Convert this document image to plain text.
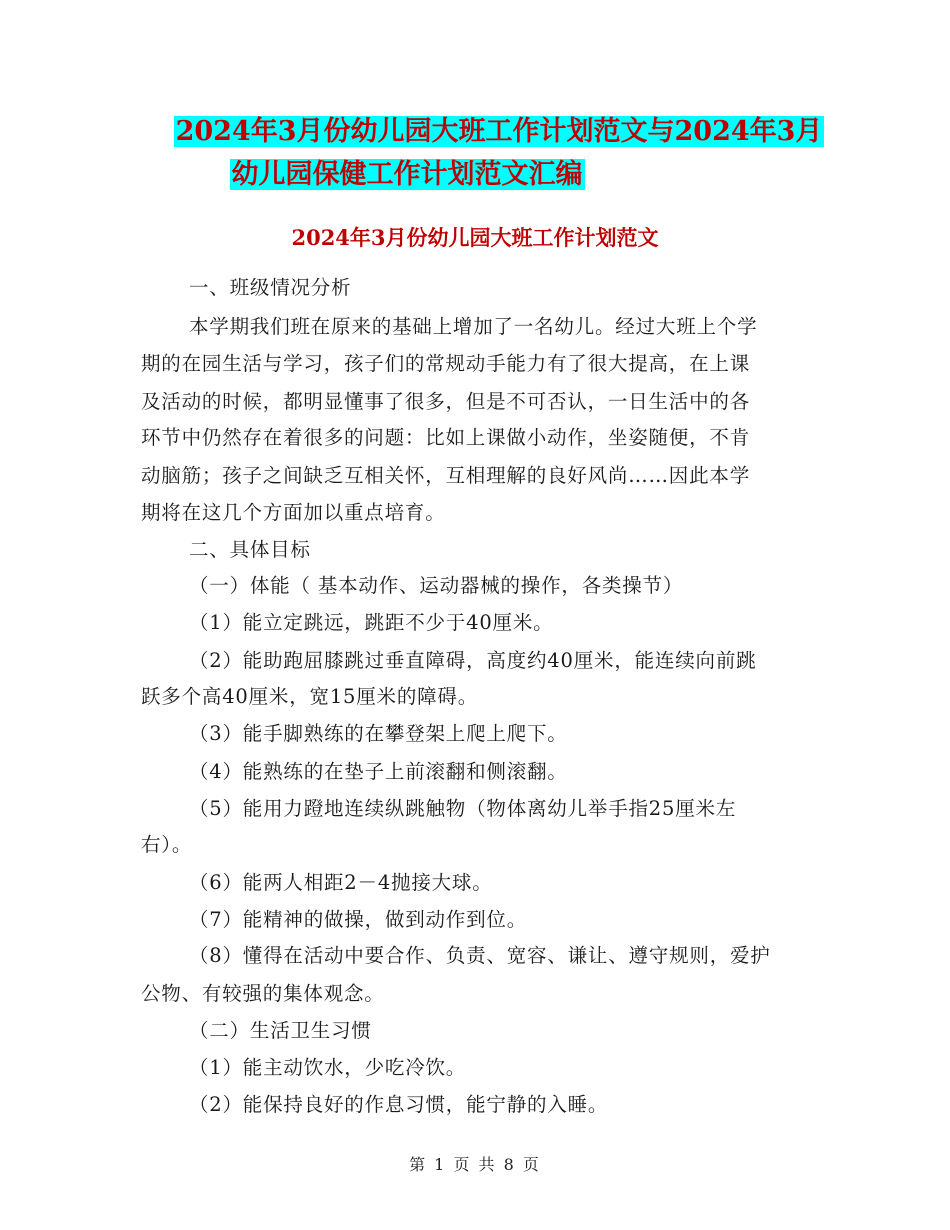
2024年3月份幼儿园大班工作计划范文与2024年3月
幼儿园保健工作计划范文汇编
2024年3月份幼儿园大班工作计划范文
一、班级情况分析
本学期我们班在原来的基础上增加了一名幼儿。经过大班上个学
期的在园生活与学习，孩子们的常规动手能力有了很大提高，在上课
及活动的时候，都明显懂事了很多，但是不可否认，一日生活中的各
环节中仍然存在着很多的问题：比如上课做小动作，坐姿随便，不肯
动脑筋；孩子之间缺乏互相关怀，互相理解的良好风尚……因此本学
期将在这几个方面加以重点培育。
二、具体目标
（一）体能（ 基本动作、运动器械的操作，各类操节）
（1）能立定跳远，跳距不少于40厘米。
（2）能助跑屈膝跳过垂直障碍，高度约40厘米，能连续向前跳
跃多个高40厘米，宽15厘米的障碍。
（3）能手脚熟练的在攀登架上爬上爬下。
（4）能熟练的在垫子上前滚翻和侧滚翻。
（5）能用力蹬地连续纵跳触物（物体离幼儿举手指25厘米左
右）。
（6）能两人相距2－4抛接大球。
（7）能精神的做操，做到动作到位。
（8）懂得在活动中要合作、负责、宽容、谦让、遵守规则，爱护
公物、有较强的集体观念。
（二）生活卫生习惯
（1）能主动饮水，少吃冷饮。
（2）能保持良好的作息习惯，能宁静的入睡。
第 1 页 共 8 页
